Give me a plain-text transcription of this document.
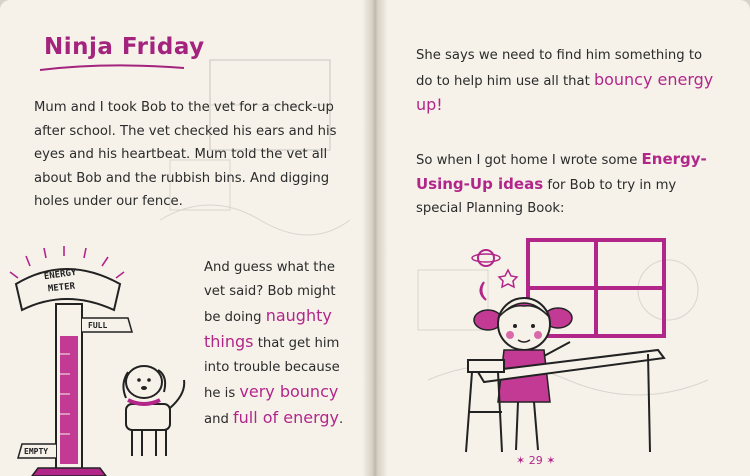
Ninja Friday
Mum and I took Bob to the vet for a check-up after school. The vet checked his ears and his eyes and his heartbeat. Mum told the vet all about Bob and the rubbish bins. And digging holes under our fence.
And guess what the vet said? Bob might be doing naughty things that get him into trouble because he is very bouncy and full of energy.
ENERGY
METER
FULL
EMPTY
She says we need to find him something to do to help him use all that bouncy energy up!
So when I got home I wrote some Energy-Using-Up ideas for Bob to try in my special Planning Book:
✶ 29 ✶
